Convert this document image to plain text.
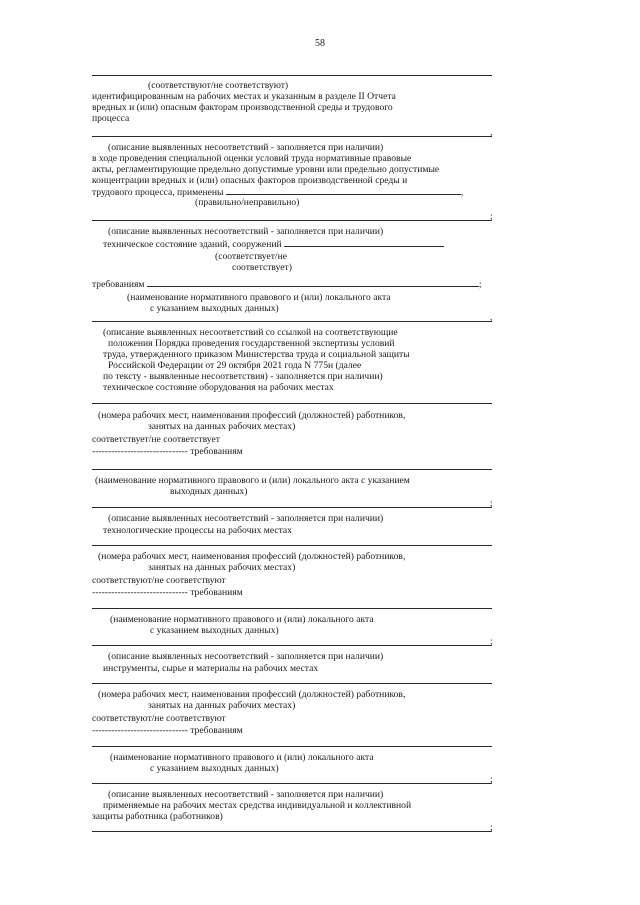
58
(соответствуют/не соответствуют)
идентифицированным на рабочих местах и указанным в разделе II Отчета
вредных и (или) опасным факторам производственной среды и трудового
процесса
,
(описание выявленных несоответствий - заполняется при наличии)
в ходе проведения специальной оценки условий труда нормативные правовые
акты, регламентирующие предельно допустимые уровни или предельно допустимые
концентрации вредных и (или) опасных факторов производственной среды и
трудового процесса, применены	,
(правильно/неправильно)
;
(описание выявленных несоответствий - заполняется при наличии)
техническое состояние зданий, сооружений
(соответствует/не
соответствует)
требованиям	;
(наименование нормативного правового и (или) локального акта
с указанием выходных данных)
,
(описание выявленных несоответствий со ссылкой на соответствующие
положения Порядка проведения государственной экспертизы условий
труда, утвержденного приказом Министерства труда и социальной защиты
Российской Федерации от 29 октября 2021 года N 775н (далее
по тексту - выявленные несоответствия) - заполняется при наличии)
техническое состояние оборудования на рабочих местах
(номера рабочих мест, наименования профессий (должностей) работников,
занятых на данных рабочих местах)
соответствует/не соответствует
------------------------------ требованиям
(наименование нормативного правового и (или) локального акта с указанием
выходных данных)
;
(описание выявленных несоответствий - заполняется при наличии)
технологические процессы на рабочих местах
(номера рабочих мест, наименования профессий (должностей) работников,
занятых на данных рабочих местах)
соответствуют/не соответствуют
------------------------------ требованиям
(наименование нормативного правового и (или) локального акта
с указанием выходных данных)
;
(описание выявленных несоответствий - заполняется при наличии)
инструменты, сырье и материалы на рабочих местах
(номера рабочих мест, наименования профессий (должностей) работников,
занятых на данных рабочих местах)
соответствуют/не соответствуют
------------------------------ требованиям
(наименование нормативного правового и (или) локального акта
с указанием выходных данных)
;
(описание выявленных несоответствий - заполняется при наличии)
применяемые на рабочих местах средства индивидуальной и коллективной
защиты работника (работников)
;
